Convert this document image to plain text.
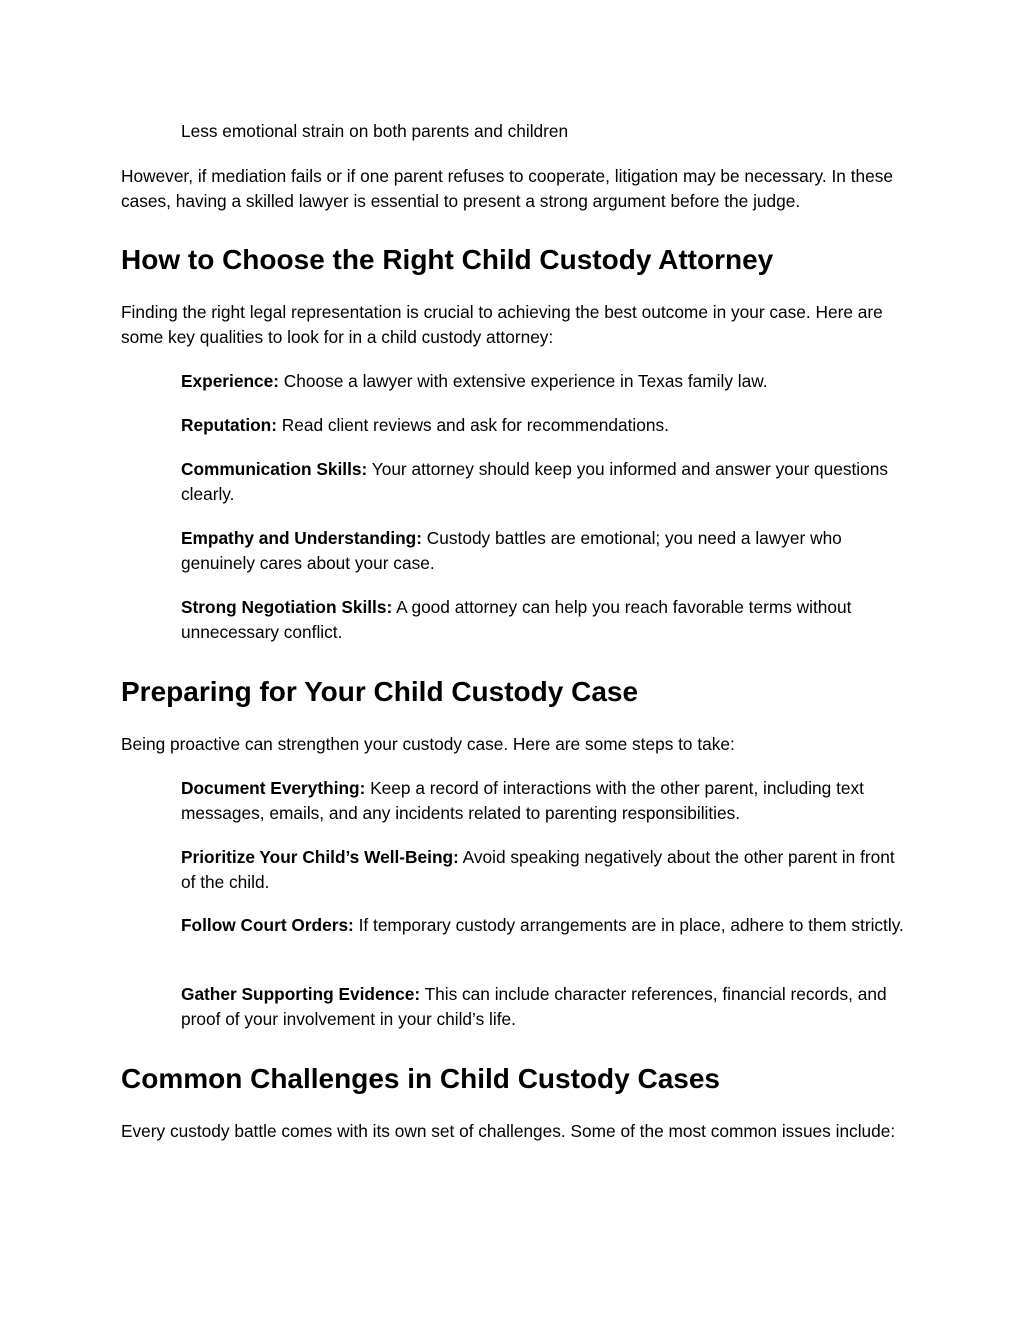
Less emotional strain on both parents and children

However, if mediation fails or if one parent refuses to cooperate, litigation may be necessary. In these cases, having a skilled lawyer is essential to present a strong argument before the judge.

How to Choose the Right Child Custody Attorney

Finding the right legal representation is crucial to achieving the best outcome in your case. Here are some key qualities to look for in a child custody attorney:

Experience: Choose a lawyer with extensive experience in Texas family law.

Reputation: Read client reviews and ask for recommendations.

Communication Skills: Your attorney should keep you informed and answer your questions clearly.

Empathy and Understanding: Custody battles are emotional; you need a lawyer who genuinely cares about your case.

Strong Negotiation Skills: A good attorney can help you reach favorable terms without unnecessary conflict.

Preparing for Your Child Custody Case

Being proactive can strengthen your custody case. Here are some steps to take:

Document Everything: Keep a record of interactions with the other parent, including text messages, emails, and any incidents related to parenting responsibilities.

Prioritize Your Child’s Well-Being: Avoid speaking negatively about the other parent in front of the child.

Follow Court Orders: If temporary custody arrangements are in place, adhere to them strictly.

Gather Supporting Evidence: This can include character references, financial records, and proof of your involvement in your child’s life.

Common Challenges in Child Custody Cases

Every custody battle comes with its own set of challenges. Some of the most common issues include:
